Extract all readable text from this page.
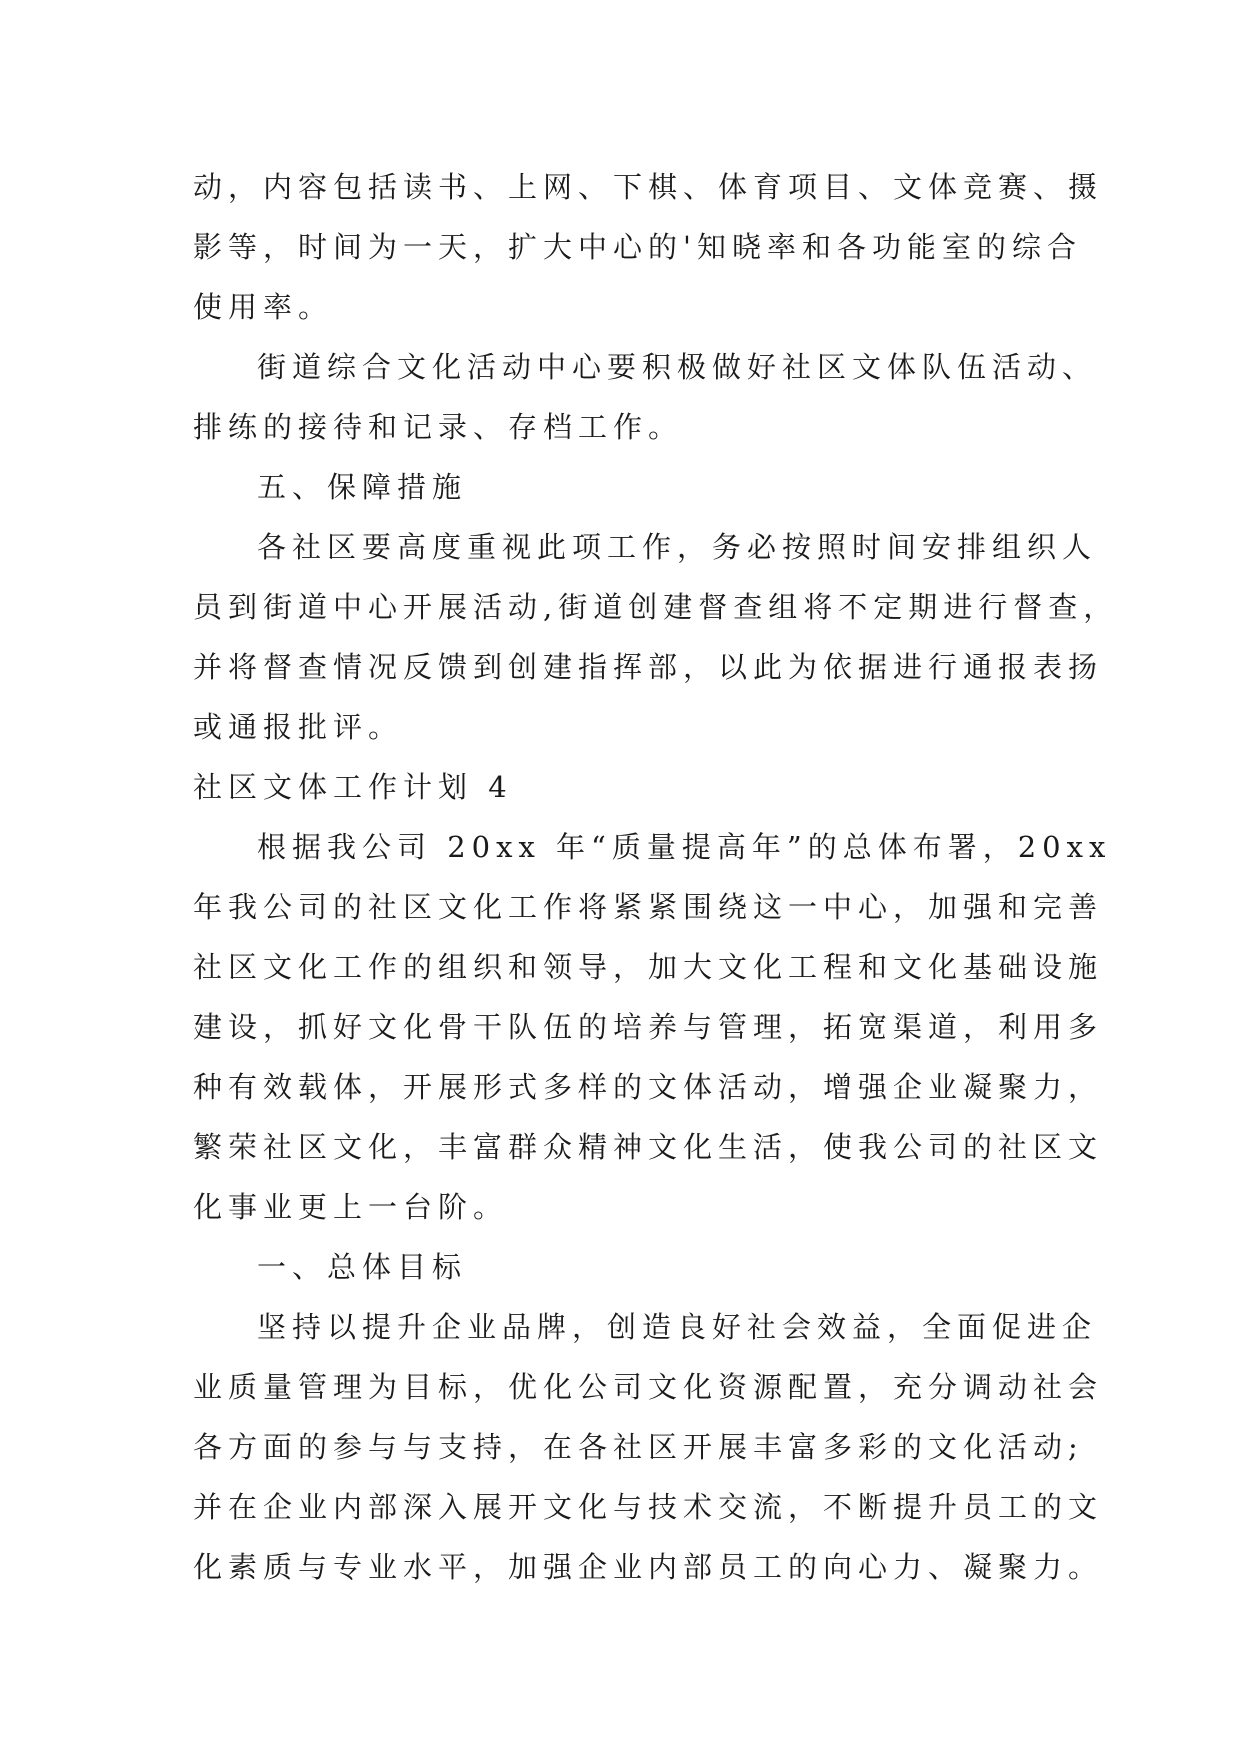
动，内容包括读书、上网、下棋、体育项目、文体竞赛、摄
影等，时间为一天，扩大中心的'知晓率和各功能室的综合
使用率。
街道综合文化活动中心要积极做好社区文体队伍活动、
排练的接待和记录、存档工作。
五、保障措施
各社区要高度重视此项工作，务必按照时间安排组织人
员到街道中心开展活动,街道创建督查组将不定期进行督查，
并将督查情况反馈到创建指挥部，以此为依据进行通报表扬
或通报批评。
社区文体工作计划 4
根据我公司 20xx 年“质量提高年”的总体布署，20xx
年我公司的社区文化工作将紧紧围绕这一中心，加强和完善
社区文化工作的组织和领导，加大文化工程和文化基础设施
建设，抓好文化骨干队伍的培养与管理，拓宽渠道，利用多
种有效载体，开展形式多样的文体活动，增强企业凝聚力，
繁荣社区文化，丰富群众精神文化生活，使我公司的社区文
化事业更上一台阶。
一、总体目标
坚持以提升企业品牌，创造良好社会效益，全面促进企
业质量管理为目标，优化公司文化资源配置，充分调动社会
各方面的参与与支持，在各社区开展丰富多彩的文化活动;
并在企业内部深入展开文化与技术交流，不断提升员工的文
化素质与专业水平，加强企业内部员工的向心力、凝聚力。
